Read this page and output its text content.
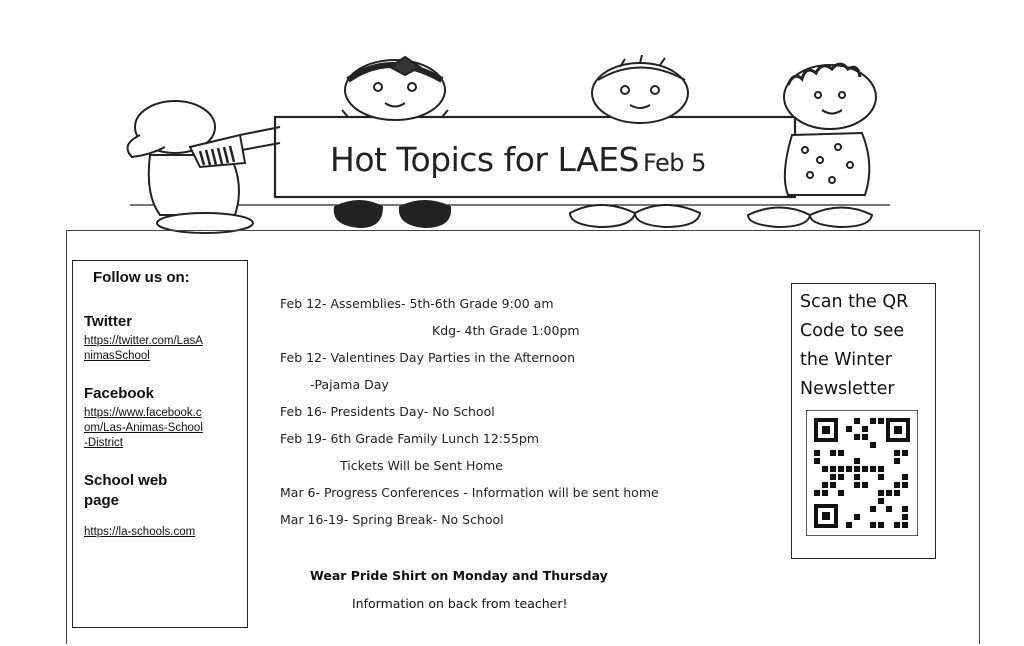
Hot Topics for LAES Feb 5
Follow us on:
Twitter
https://twitter.com/LasAnimasSchool
Facebook
https://www.facebook.com/Las-Animas-School-District
School web page
https://la-schools.com
Feb 12- Assemblies- 5th-6th Grade 9:00 am
Kdg- 4th Grade 1:00pm
Feb 12- Valentines Day Parties in the Afternoon
-Pajama Day
Feb 16- Presidents Day- No School
Feb 19- 6th Grade Family Lunch 12:55pm
Tickets Will be Sent Home
Mar 6- Progress Conferences - Information will be sent home
Mar 16-19- Spring Break- No School
Wear Pride Shirt on Monday and Thursday
Information on back from teacher!
Scan the QR Code to see the Winter Newsletter
